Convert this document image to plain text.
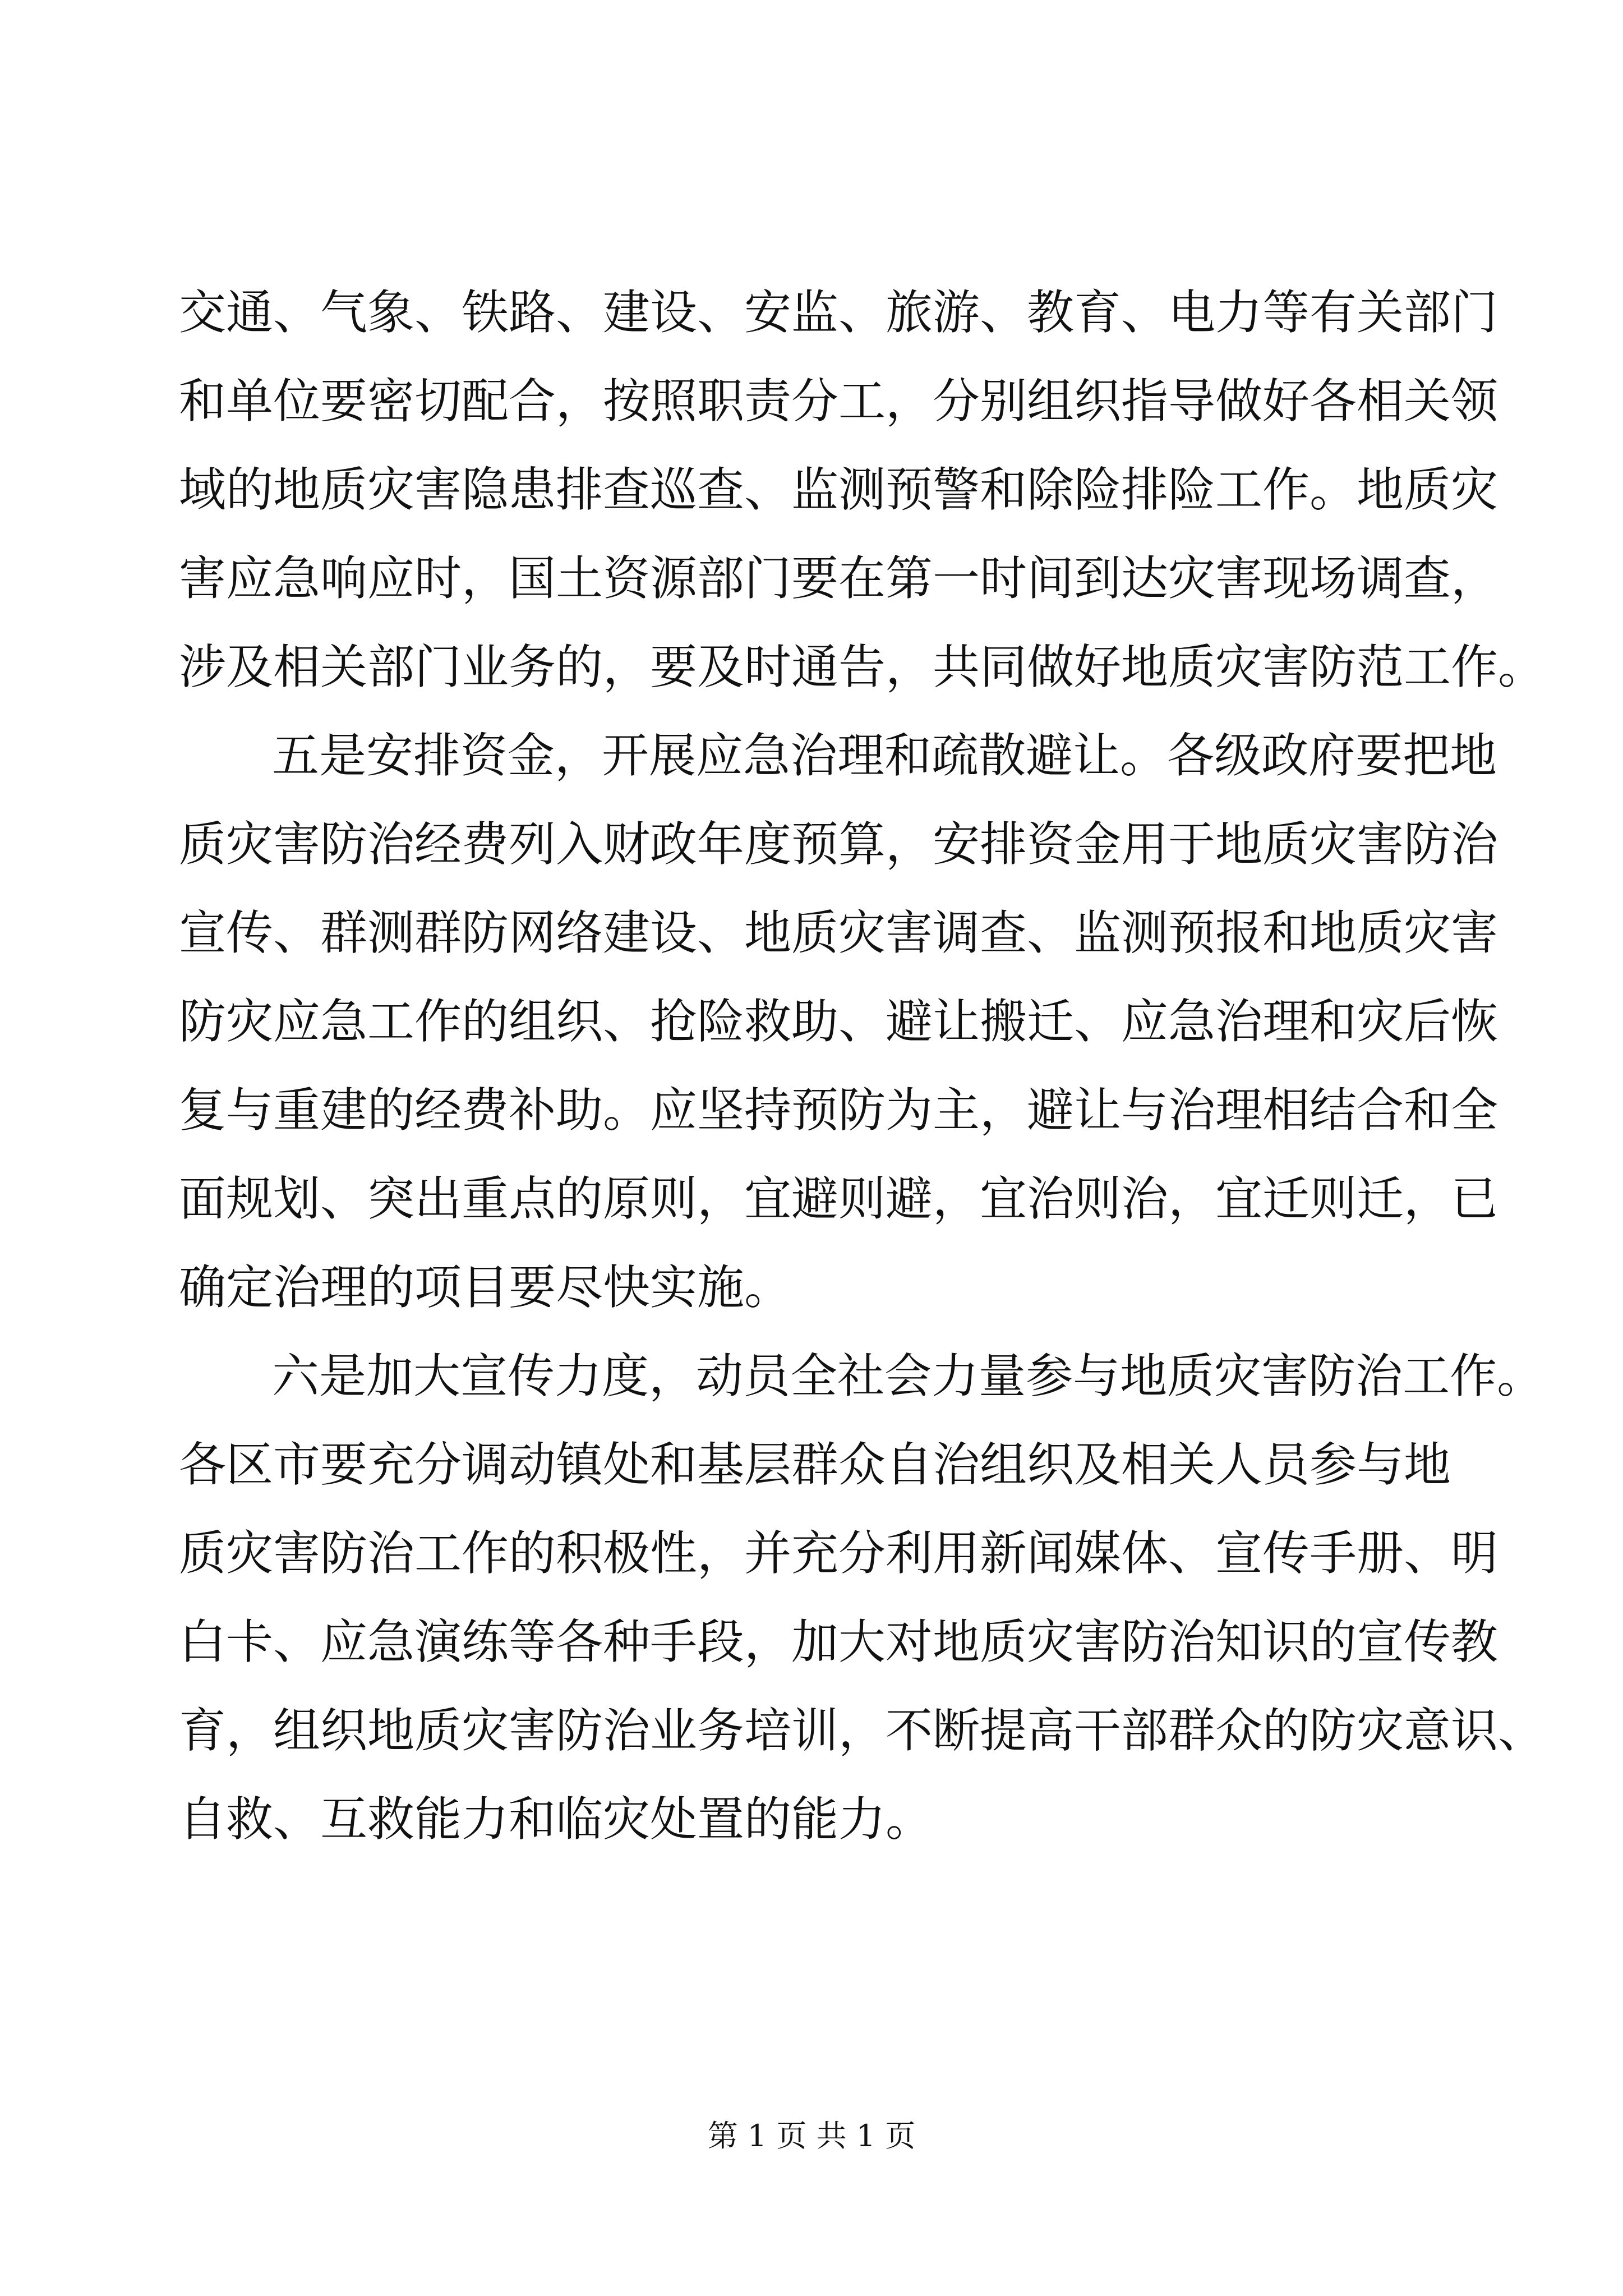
交通、气象、铁路、建设、安监、旅游、教育、电力等有关部门
和单位要密切配合，按照职责分工，分别组织指导做好各相关领
域的地质灾害隐患排查巡查、监测预警和除险排险工作。地质灾
害应急响应时，国土资源部门要在第一时间到达灾害现场调查，
涉及相关部门业务的，要及时通告，共同做好地质灾害防范工作。
五是安排资金，开展应急治理和疏散避让。各级政府要把地
质灾害防治经费列入财政年度预算，安排资金用于地质灾害防治
宣传、群测群防网络建设、地质灾害调查、监测预报和地质灾害
防灾应急工作的组织、抢险救助、避让搬迁、应急治理和灾后恢
复与重建的经费补助。应坚持预防为主，避让与治理相结合和全
面规划、突出重点的原则，宜避则避，宜治则治，宜迁则迁，已
确定治理的项目要尽快实施。
六是加大宣传力度，动员全社会力量参与地质灾害防治工作。
各区市要充分调动镇处和基层群众自治组织及相关人员参与地
质灾害防治工作的积极性，并充分利用新闻媒体、宣传手册、明
白卡、应急演练等各种手段，加大对地质灾害防治知识的宣传教
育，组织地质灾害防治业务培训，不断提高干部群众的防灾意识、
自救、互救能力和临灾处置的能力。
第 1 页 共 1 页
